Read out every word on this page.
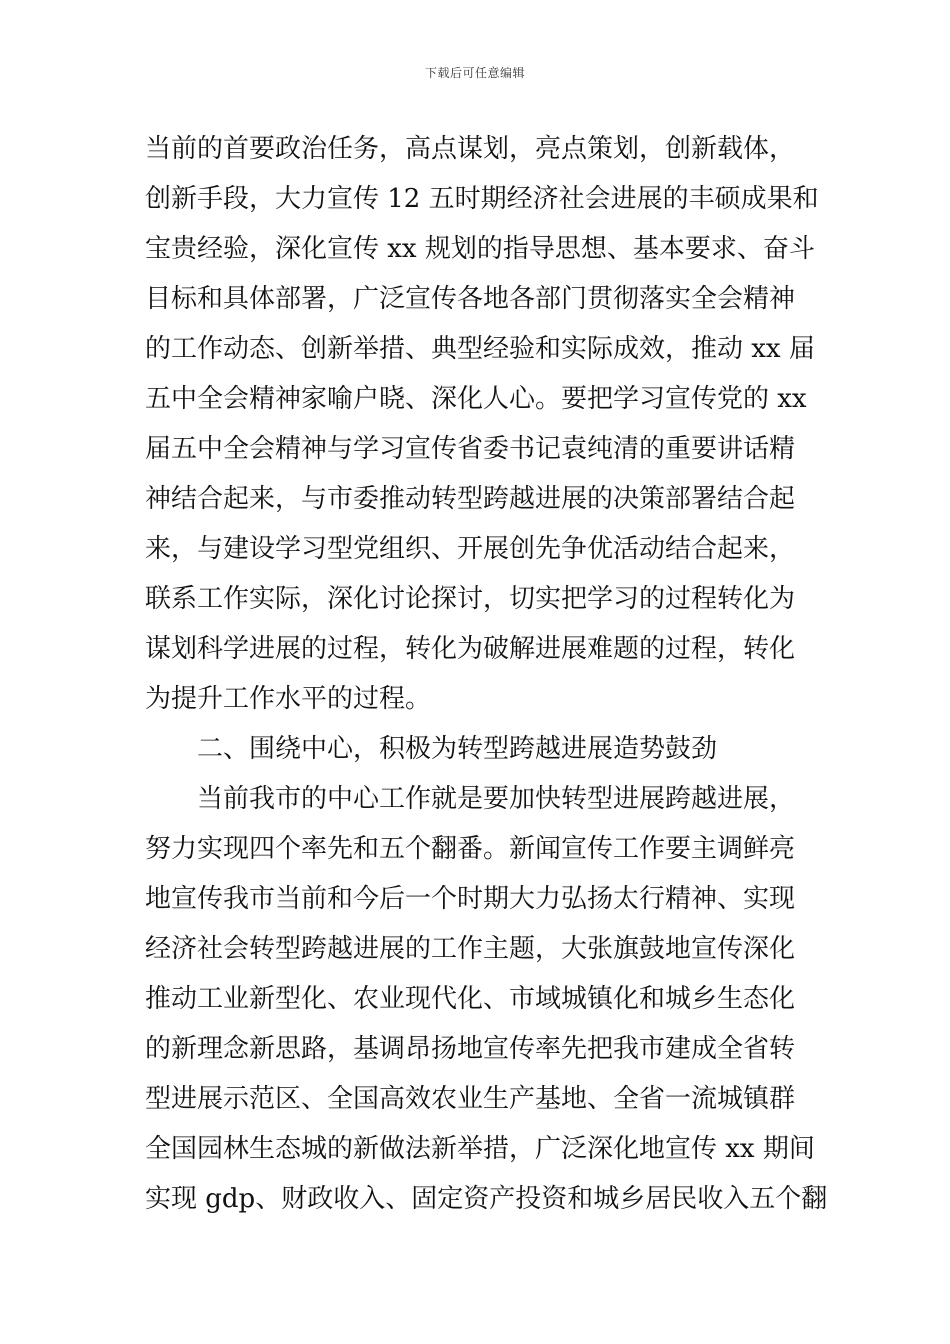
下载后可任意编辑
当前的首要政治任务，高点谋划，亮点策划，创新载体，
创新手段，大力宣传 12 五时期经济社会进展的丰硕成果和
宝贵经验，深化宣传 xx 规划的指导思想、基本要求、奋斗
目标和具体部署，广泛宣传各地各部门贯彻落实全会精神
的工作动态、创新举措、典型经验和实际成效，推动 xx 届
五中全会精神家喻户晓、深化人心。要把学习宣传党的 xx
届五中全会精神与学习宣传省委书记袁纯清的重要讲话精
神结合起来，与市委推动转型跨越进展的决策部署结合起
来，与建设学习型党组织、开展创先争优活动结合起来，
联系工作实际，深化讨论探讨，切实把学习的过程转化为
谋划科学进展的过程，转化为破解进展难题的过程，转化
为提升工作水平的过程。
二、围绕中心，积极为转型跨越进展造势鼓劲
当前我市的中心工作就是要加快转型进展跨越进展，
努力实现四个率先和五个翻番。新闻宣传工作要主调鲜亮
地宣传我市当前和今后一个时期大力弘扬太行精神、实现
经济社会转型跨越进展的工作主题，大张旗鼓地宣传深化
推动工业新型化、农业现代化、市域城镇化和城乡生态化
的新理念新思路，基调昂扬地宣传率先把我市建成全省转
型进展示范区、全国高效农业生产基地、全省一流城镇群
全国园林生态城的新做法新举措，广泛深化地宣传 xx 期间
实现 gdp、财政收入、固定资产投资和城乡居民收入五个翻
